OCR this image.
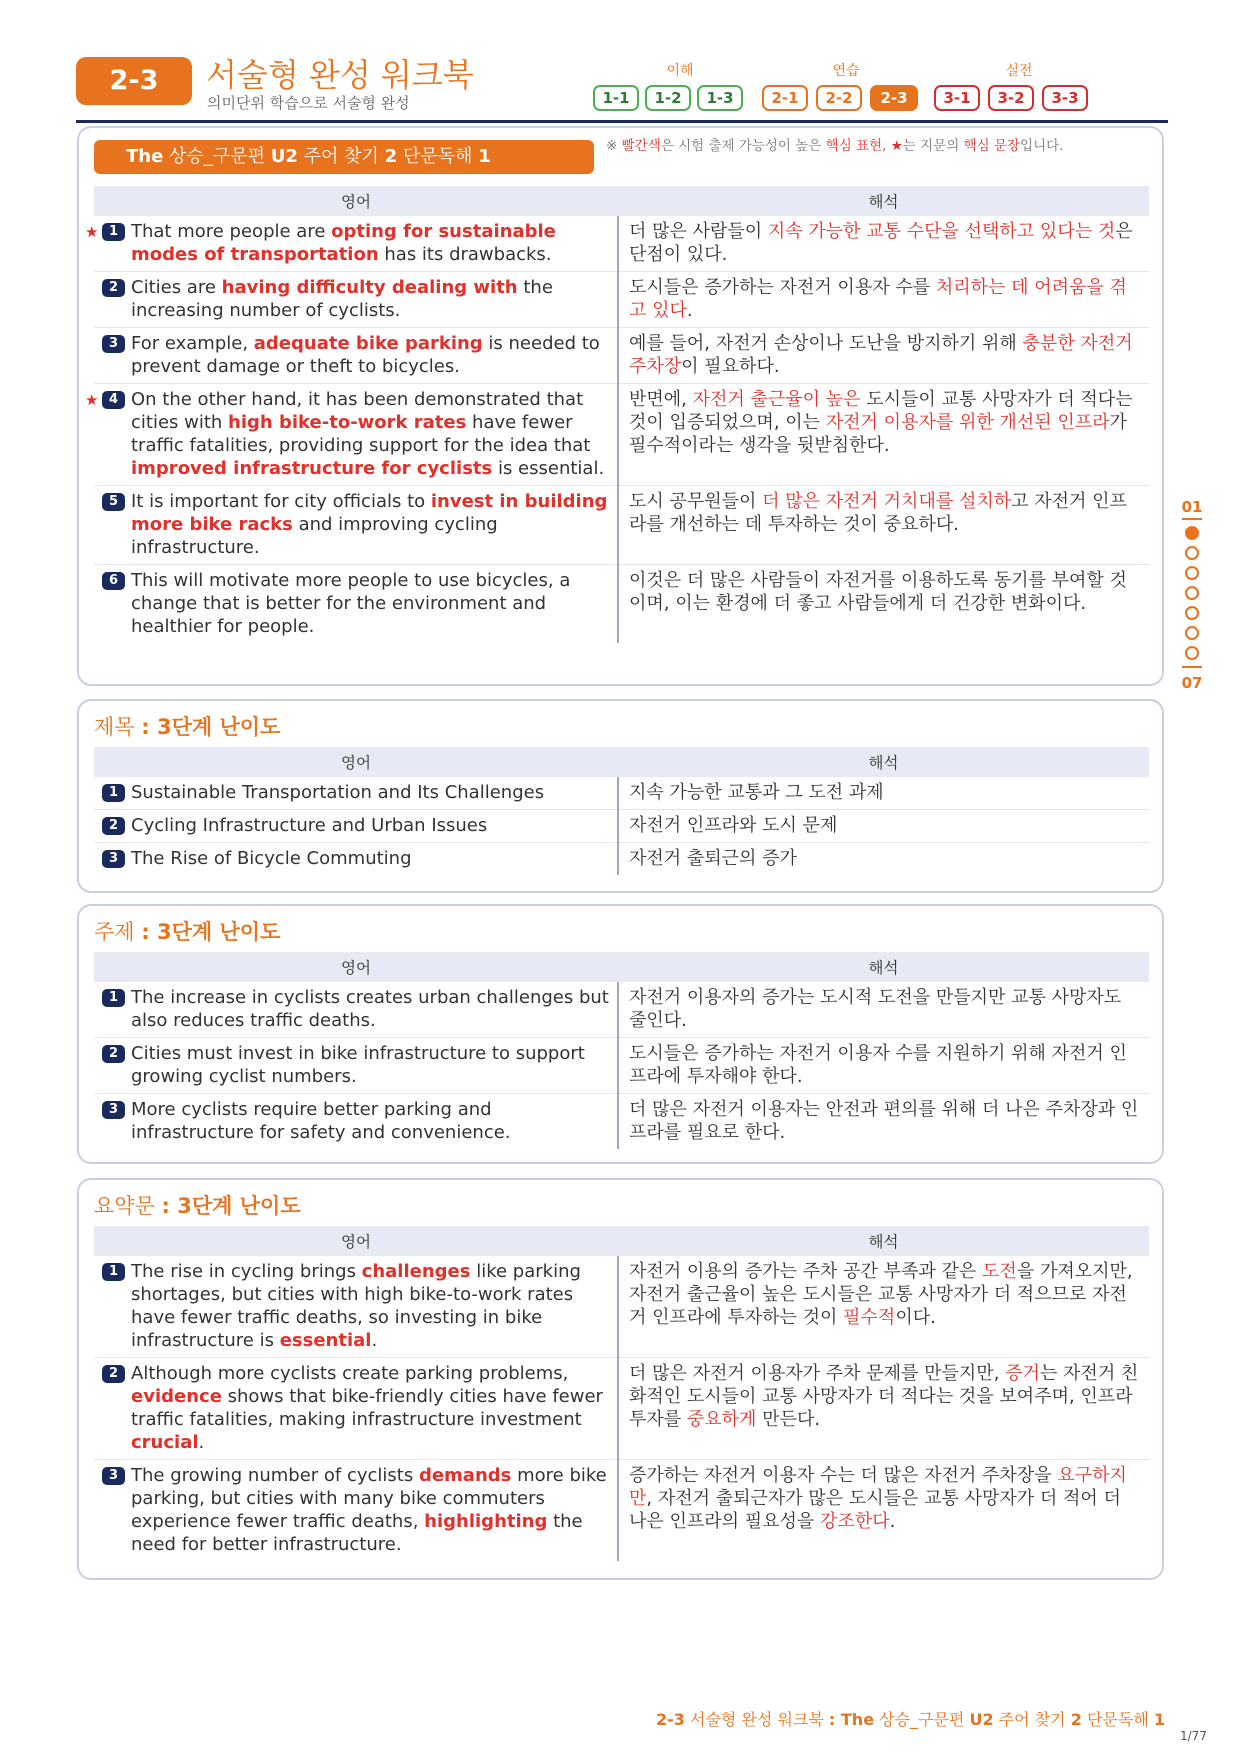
2-3	서술형 완성 워크북
의미단위 학습으로 서술형 완성
이해	연습	실전
1-1	1-2	1-3	2-1	2-2	2-3	3-1	3-2	3-3
The 상승_구문편 U2 주어 찾기 2 단문독해 1	※ 빨간색은 시험 출제 가능성이 높은 핵심 표현, ★는 지문의 핵심 문장입니다.
영어	해석

★ 1 That more people are opting for sustainable modes of transportation has its drawbacks.	더 많은 사람들이 지속 가능한 교통 수단을 선택하고 있다는 것은 단점이 있다.

2 Cities are having difficulty dealing with the increasing number of cyclists.	도시들은 증가하는 자전거 이용자 수를 처리하는 데 어려움을 겪고 있다.

3 For example, adequate bike parking is needed to prevent damage or theft to bicycles.	예를 들어, 자전거 손상이나 도난을 방지하기 위해 충분한 자전거 주차장이 필요하다.

★ 4 On the other hand, it has been demonstrated that cities with high bike-to-work rates have fewer traffic fatalities, providing support for the idea that improved infrastructure for cyclists is essential.	반면에, 자전거 출근율이 높은 도시들이 교통 사망자가 더 적다는 것이 입증되었으며, 이는 자전거 이용자를 위한 개선된 인프라가 필수적이라는 생각을 뒷받침한다.

5 It is important for city officials to invest in building more bike racks and improving cycling infrastructure.	도시 공무원들이 더 많은 자전거 거치대를 설치하고 자전거 인프라를 개선하는 데 투자하는 것이 중요하다.

6 This will motivate more people to use bicycles, a change that is better for the environment and healthier for people.	이것은 더 많은 사람들이 자전거를 이용하도록 동기를 부여할 것이며, 이는 환경에 더 좋고 사람들에게 더 건강한 변화이다.
제목 : 3단계 난이도
영어	해석

1 Sustainable Transportation and Its Challenges	지속 가능한 교통과 그 도전 과제

2 Cycling Infrastructure and Urban Issues	자전거 인프라와 도시 문제

3 The Rise of Bicycle Commuting	자전거 출퇴근의 증가
주제 : 3단계 난이도
영어	해석

1 The increase in cyclists creates urban challenges but also reduces traffic deaths.	자전거 이용자의 증가는 도시적 도전을 만들지만 교통 사망자도 줄인다.

2 Cities must invest in bike infrastructure to support growing cyclist numbers.	도시들은 증가하는 자전거 이용자 수를 지원하기 위해 자전거 인프라에 투자해야 한다.

3 More cyclists require better parking and infrastructure for safety and convenience.	더 많은 자전거 이용자는 안전과 편의를 위해 더 나은 주차장과 인프라를 필요로 한다.
요약문 : 3단계 난이도
영어	해석

1 The rise in cycling brings challenges like parking shortages, but cities with high bike-to-work rates have fewer traffic deaths, so investing in bike infrastructure is essential.	자전거 이용의 증가는 주차 공간 부족과 같은 도전을 가져오지만, 자전거 출근율이 높은 도시들은 교통 사망자가 더 적으므로 자전거 인프라에 투자하는 것이 필수적이다.

2 Although more cyclists create parking problems, evidence shows that bike-friendly cities have fewer traffic fatalities, making infrastructure investment crucial.	더 많은 자전거 이용자가 주차 문제를 만들지만, 증거는 자전거 친화적인 도시들이 교통 사망자가 더 적다는 것을 보여주며, 인프라 투자를 중요하게 만든다.

3 The growing number of cyclists demands more bike parking, but cities with many bike commuters experience fewer traffic deaths, highlighting the need for better infrastructure.	증가하는 자전거 이용자 수는 더 많은 자전거 주차장을 요구하지만, 자전거 출퇴근자가 많은 도시들은 교통 사망자가 더 적어 더 나은 인프라의 필요성을 강조한다.
01
07
2-3 서술형 완성 워크북 : The 상승_구문편 U2 주어 찾기 2 단문독해 1
1/77
